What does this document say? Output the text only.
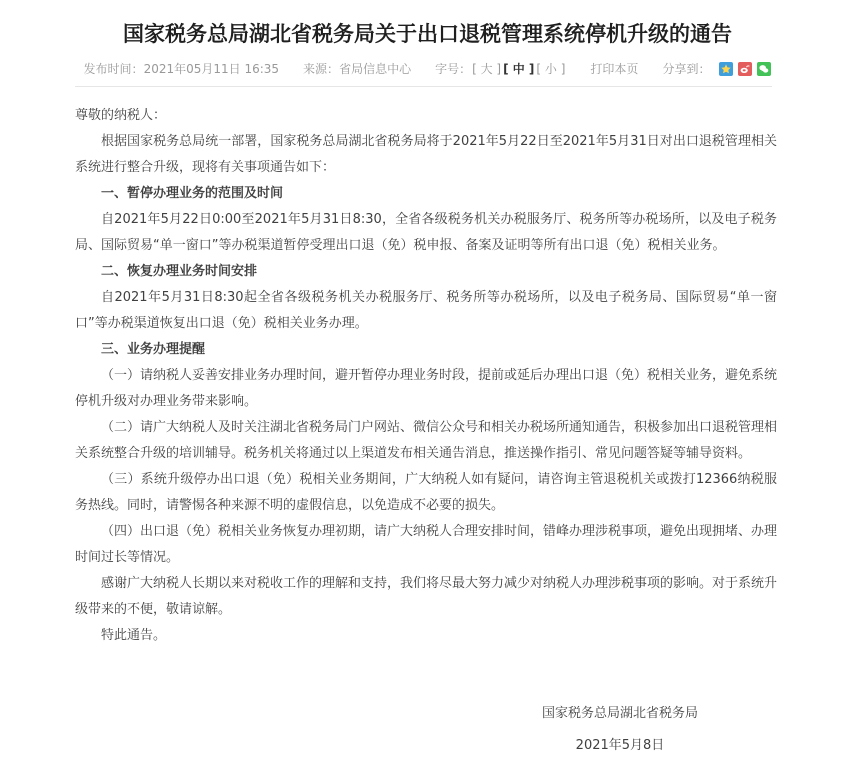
国家税务总局湖北省税务局关于出口退税管理系统停机升级的通告
发布时间： 2021年05月11日 16:35 来源： 省局信息中心 字号： [ 大 ] [ 中 ] [ 小 ] 打印本页 分享到：

尊敬的纳税人：

根据国家税务总局统一部署，国家税务总局湖北省税务局将于2021年5月22日至2021年5月31日对出口退税管理相关系统进行整合升级，现将有关事项通告如下：

一、暂停办理业务的范围及时间

自2021年5月22日0:00至2021年5月31日8:30，全省各级税务机关办税服务厅、税务所等办税场所，以及电子税务局、国际贸易“单一窗口”等办税渠道暂停受理出口退（免）税申报、备案及证明等所有出口退（免）税相关业务。

二、恢复办理业务时间安排

自2021年5月31日8:30起全省各级税务机关办税服务厅、税务所等办税场所，以及电子税务局、国际贸易“单一窗口”等办税渠道恢复出口退（免）税相关业务办理。

三、业务办理提醒

（一）请纳税人妥善安排业务办理时间，避开暂停办理业务时段，提前或延后办理出口退（免）税相关业务，避免系统停机升级对办理业务带来影响。

（二）请广大纳税人及时关注湖北省税务局门户网站、微信公众号和相关办税场所通知通告，积极参加出口退税管理相关系统整合升级的培训辅导。税务机关将通过以上渠道发布相关通告消息，推送操作指引、常见问题答疑等辅导资料。

（三）系统升级停办出口退（免）税相关业务期间，广大纳税人如有疑问，请咨询主管退税机关或拨打12366纳税服务热线。同时，请警惕各种来源不明的虚假信息，以免造成不必要的损失。

（四）出口退（免）税相关业务恢复办理初期，请广大纳税人合理安排时间，错峰办理涉税事项，避免出现拥堵、办理时间过长等情况。

感谢广大纳税人长期以来对税收工作的理解和支持，我们将尽最大努力减少对纳税人办理涉税事项的影响。对于系统升级带来的不便，敬请谅解。

特此通告。

国家税务总局湖北省税务局
2021年5月8日
